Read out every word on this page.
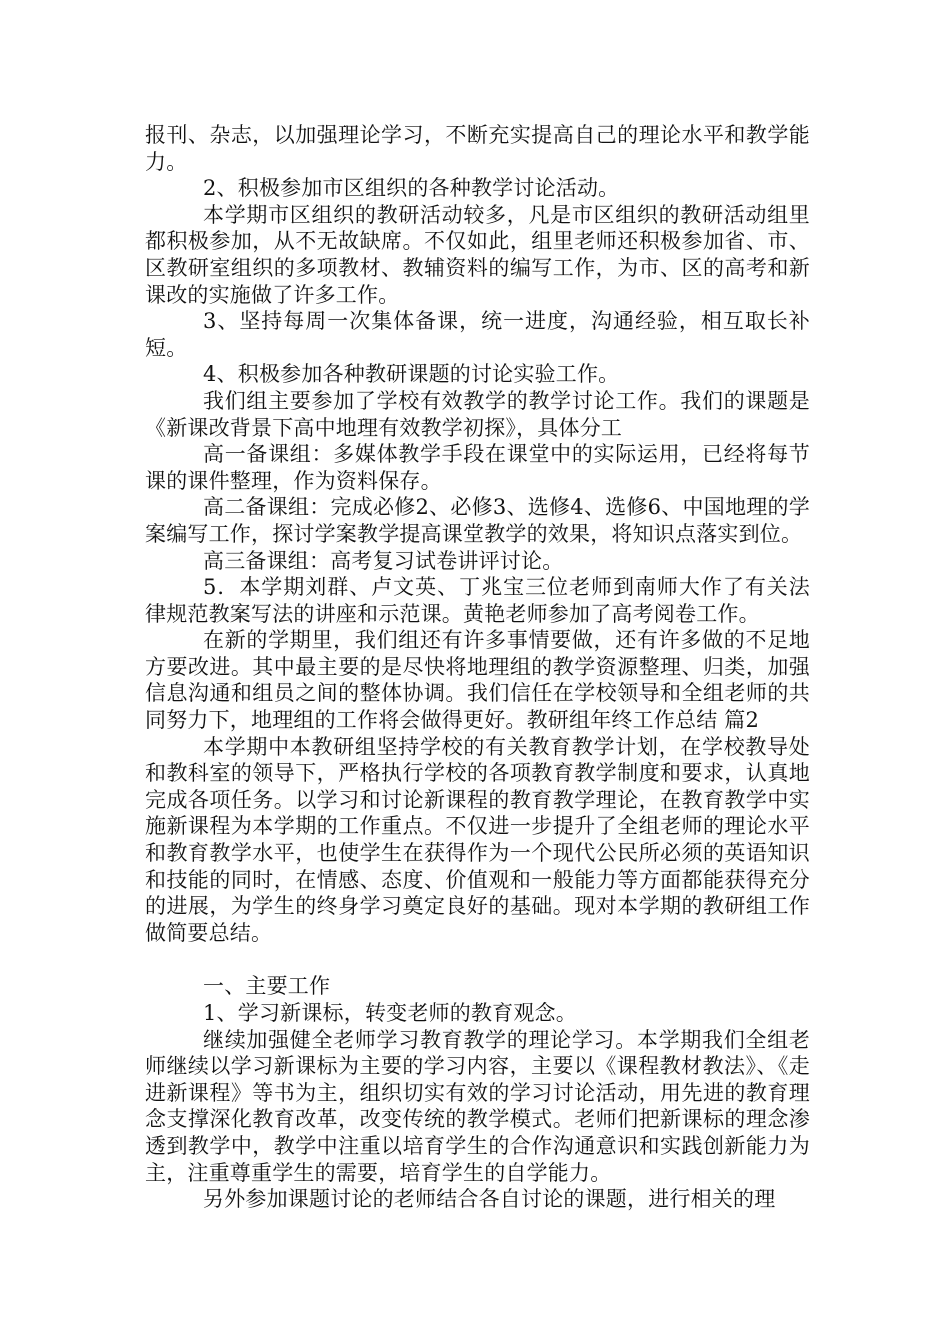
报刊、杂志，以加强理论学习，不断充实提高自己的理论水平和教学能力。

2、积极参加市区组织的各种教学讨论活动。

本学期市区组织的教研活动较多，凡是市区组织的教研活动组里都积极参加，从不无故缺席。不仅如此，组里老师还积极参加省、市、区教研室组织的多项教材、教辅资料的编写工作，为市、区的高考和新课改的实施做了许多工作。

3、坚持每周一次集体备课，统一进度，沟通经验，相互取长补短。

4、积极参加各种教研课题的讨论实验工作。

我们组主要参加了学校有效教学的教学讨论工作。我们的课题是《新课改背景下高中地理有效教学初探》，具体分工

高一备课组：多媒体教学手段在课堂中的实际运用，已经将每节课的课件整理，作为资料保存。

高二备课组：完成必修2、必修3、选修4、选修6、中国地理的学案编写工作，探讨学案教学提高课堂教学的效果，将知识点落实到位。

高三备课组：高考复习试卷讲评讨论。

5．本学期刘群、卢文英、丁兆宝三位老师到南师大作了有关法律规范教案写法的讲座和示范课。黄艳老师参加了高考阅卷工作。

在新的学期里，我们组还有许多事情要做，还有许多做的不足地方要改进。其中最主要的是尽快将地理组的教学资源整理、归类，加强信息沟通和组员之间的整体协调。我们信任在学校领导和全组老师的共同努力下，地理组的工作将会做得更好。教研组年终工作总结 篇2

本学期中本教研组坚持学校的有关教育教学计划，在学校教导处和教科室的领导下，严格执行学校的各项教育教学制度和要求，认真地完成各项任务。以学习和讨论新课程的教育教学理论，在教育教学中实施新课程为本学期的工作重点。不仅进一步提升了全组老师的理论水平和教育教学水平，也使学生在获得作为一个现代公民所必须的英语知识和技能的同时，在情感、态度、价值观和一般能力等方面都能获得充分的进展，为学生的终身学习奠定良好的基础。现对本学期的教研组工作做简要总结。

一、主要工作

1、学习新课标，转变老师的教育观念。

继续加强健全老师学习教育教学的理论学习。本学期我们全组老师继续以学习新课标为主要的学习内容，主要以《课程教材教法》、《走进新课程》等书为主，组织切实有效的学习讨论活动，用先进的教育理念支撑深化教育改革，改变传统的教学模式。老师们把新课标的理念渗透到教学中，教学中注重以培育学生的合作沟通意识和实践创新能力为主，注重尊重学生的需要，培育学生的自学能力。

另外参加课题讨论的老师结合各自讨论的课题，进行相关的理
